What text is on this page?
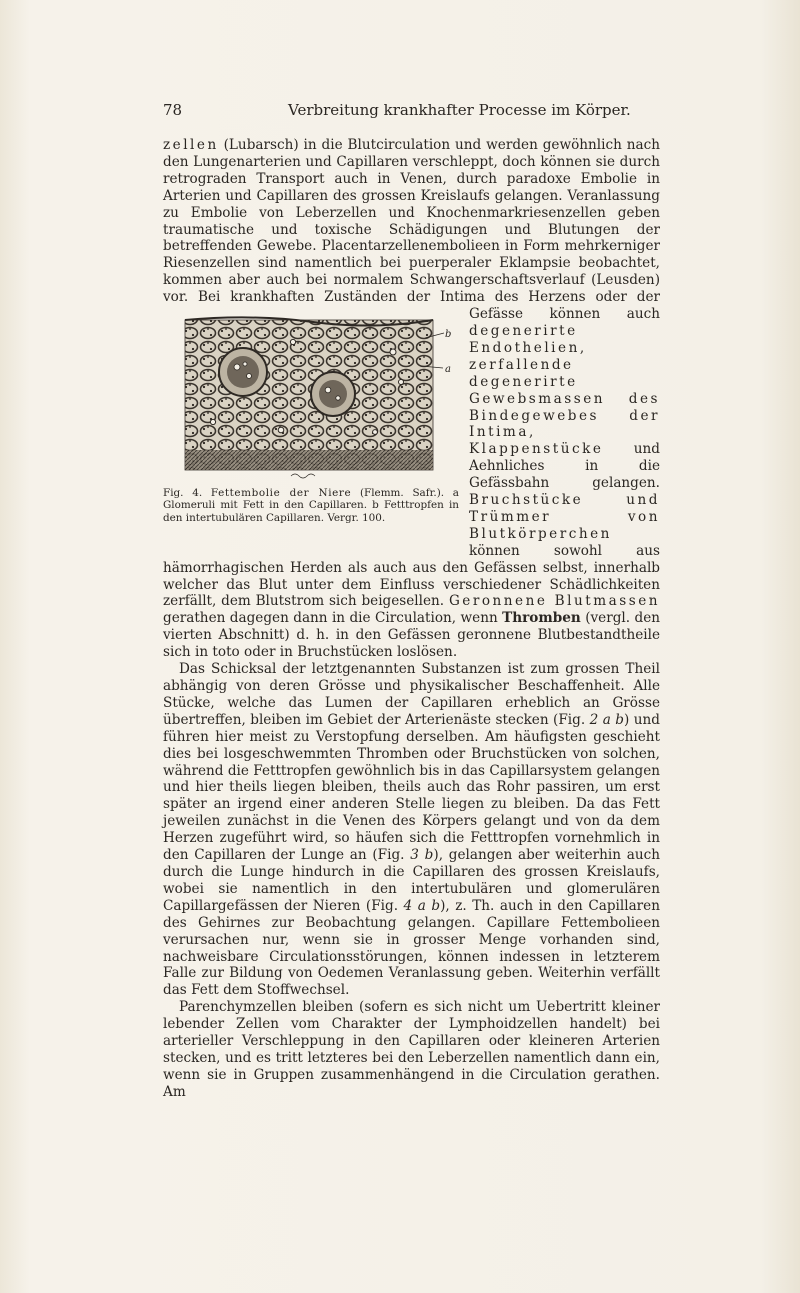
78	Verbreitung krankhafter Processe im Körper.

zellen (Lubarsch) in die Blutcirculation und werden gewöhnlich nach den Lungenarterien und Capillaren verschleppt, doch können sie durch retrograden Transport auch in Venen, durch paradoxe Embolie in Arterien und Capillaren des grossen Kreislaufs gelangen. Veranlassung zu Embolie von Leberzellen und Knochenmarkriesenzellen geben traumatische und toxische Schädigungen und Blutungen der betreffenden Gewebe. Placentarzellenembolieen in Form mehrkerniger Riesenzellen sind namentlich bei puerperaler Eklampsie beobachtet, kommen aber auch bei normalem Schwangerschaftsverlauf (Leusden) vor. Bei krankhaften Zuständen der Intima des Herzens oder der Gefässe können auch
b
a
Fig. 4. Fettembolie der Niere (Flemm. Safr.). a Glomeruli mit Fett in den Capillaren. b Fetttropfen in den intertubulären Capillaren. Vergr. 100.
degenerirte Endothelien, zerfallende degenerirte Gewebsmassen des Bindegewebes der Intima, Klappenstücke und Aehnliches in die Gefässbahn gelangen. Bruchstücke und Trümmer von Blutkörperchen können sowohl aus hämorrhagischen Herden als auch aus den Gefässen selbst, innerhalb welcher das Blut unter dem Einfluss verschiedener Schädlichkeiten zerfällt, dem Blutstrom sich beigesellen. Geronnene Blutmassen gerathen dagegen dann in die Circulation, wenn Thromben (vergl. den vierten Abschnitt) d. h. in den Gefässen geronnene Blutbestandtheile sich in toto oder in Bruchstücken loslösen.

Das Schicksal der letztgenannten Substanzen ist zum grossen Theil abhängig von deren Grösse und physikalischer Beschaffenheit. Alle Stücke, welche das Lumen der Capillaren erheblich an Grösse übertreffen, bleiben im Gebiet der Arterienäste stecken (Fig. 2 a b) und führen hier meist zu Verstopfung derselben. Am häufigsten geschieht dies bei losgeschwemmten Thromben oder Bruchstücken von solchen, während die Fetttropfen gewöhnlich bis in das Capillarsystem gelangen und hier theils liegen bleiben, theils auch das Rohr passiren, um erst später an irgend einer anderen Stelle liegen zu bleiben. Da das Fett jeweilen zunächst in die Venen des Körpers gelangt und von da dem Herzen zugeführt wird, so häufen sich die Fetttropfen vornehmlich in den Capillaren der Lunge an (Fig. 3 b), gelangen aber weiterhin auch durch die Lunge hindurch in die Capillaren des grossen Kreislaufs, wobei sie namentlich in den intertubulären und glomerulären Capillargefässen der Nieren (Fig. 4 a b), z. Th. auch in den Capillaren des Gehirnes zur Beobachtung gelangen. Capillare Fettembolieen verursachen nur, wenn sie in grosser Menge vorhanden sind, nachweisbare Circulationsstörungen, können indessen in letzterem Falle zur Bildung von Oedemen Veranlassung geben. Weiterhin verfällt das Fett dem Stoffwechsel.

Parenchymzellen bleiben (sofern es sich nicht um Uebertritt kleiner lebender Zellen vom Charakter der Lymphoidzellen handelt) bei arterieller Verschleppung in den Capillaren oder kleineren Arterien stecken, und es tritt letzteres bei den Leberzellen namentlich dann ein, wenn sie in Gruppen zusammenhängend in die Circulation gerathen. Am
